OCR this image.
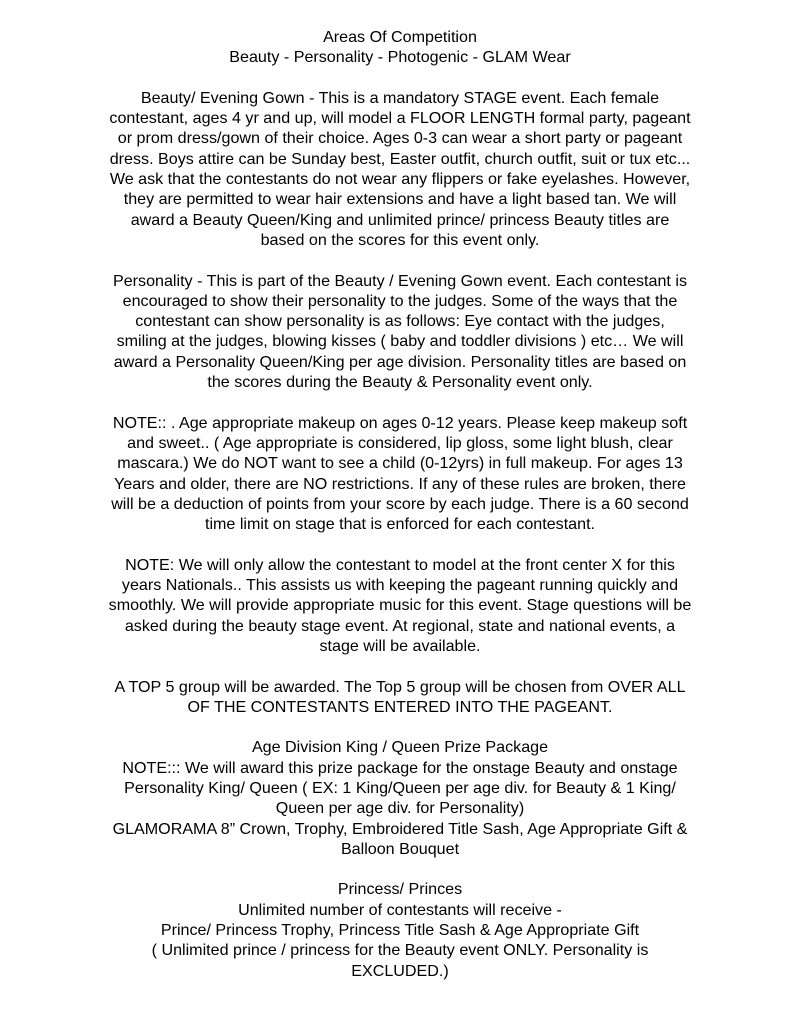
Areas Of Competition
Beauty - Personality - Photogenic - GLAM Wear
Beauty/ Evening Gown - This is a mandatory STAGE event. Each female
contestant, ages 4 yr and up, will model a FLOOR LENGTH formal party, pageant
or prom dress/gown of their choice. Ages 0-3 can wear a short party or pageant
dress. Boys attire can be Sunday best, Easter outfit, church outfit, suit or tux etc...
We ask that the contestants do not wear any flippers or fake eyelashes. However,
they are permitted to wear hair extensions and have a light based tan. We will
award a Beauty Queen/King and unlimited prince/ princess Beauty titles are
based on the scores for this event only.
Personality - This is part of the Beauty / Evening Gown event. Each contestant is
encouraged to show their personality to the judges. Some of the ways that the
contestant can show personality is as follows: Eye contact with the judges,
smiling at the judges, blowing kisses ( baby and toddler divisions ) etc… We will
award a Personality Queen/King per age division. Personality titles are based on
the scores during the Beauty & Personality event only.
NOTE:: . Age appropriate makeup on ages 0-12 years. Please keep makeup soft
and sweet.. ( Age appropriate is considered, lip gloss, some light blush, clear
mascara.) We do NOT want to see a child (0-12yrs) in full makeup. For ages 13
Years and older, there are NO restrictions. If any of these rules are broken, there
will be a deduction of points from your score by each judge. There is a 60 second
time limit on stage that is enforced for each contestant.
NOTE: We will only allow the contestant to model at the front center X for this
years Nationals.. This assists us with keeping the pageant running quickly and
smoothly. We will provide appropriate music for this event. Stage questions will be
asked during the beauty stage event. At regional, state and national events, a
stage will be available.
A TOP 5 group will be awarded. The Top 5 group will be chosen from OVER ALL
OF THE CONTESTANTS ENTERED INTO THE PAGEANT.
Age Division King / Queen Prize Package
NOTE::: We will award this prize package for the onstage Beauty and onstage
Personality King/ Queen ( EX: 1 King/Queen per age div. for Beauty & 1 King/
Queen per age div. for Personality)
GLAMORAMA 8” Crown, Trophy, Embroidered Title Sash, Age Appropriate Gift &
Balloon Bouquet
Princess/ Princes
Unlimited number of contestants will receive -
Prince/ Princess Trophy, Princess Title Sash & Age Appropriate Gift
( Unlimited prince / princess for the Beauty event ONLY. Personality is
EXCLUDED.)
